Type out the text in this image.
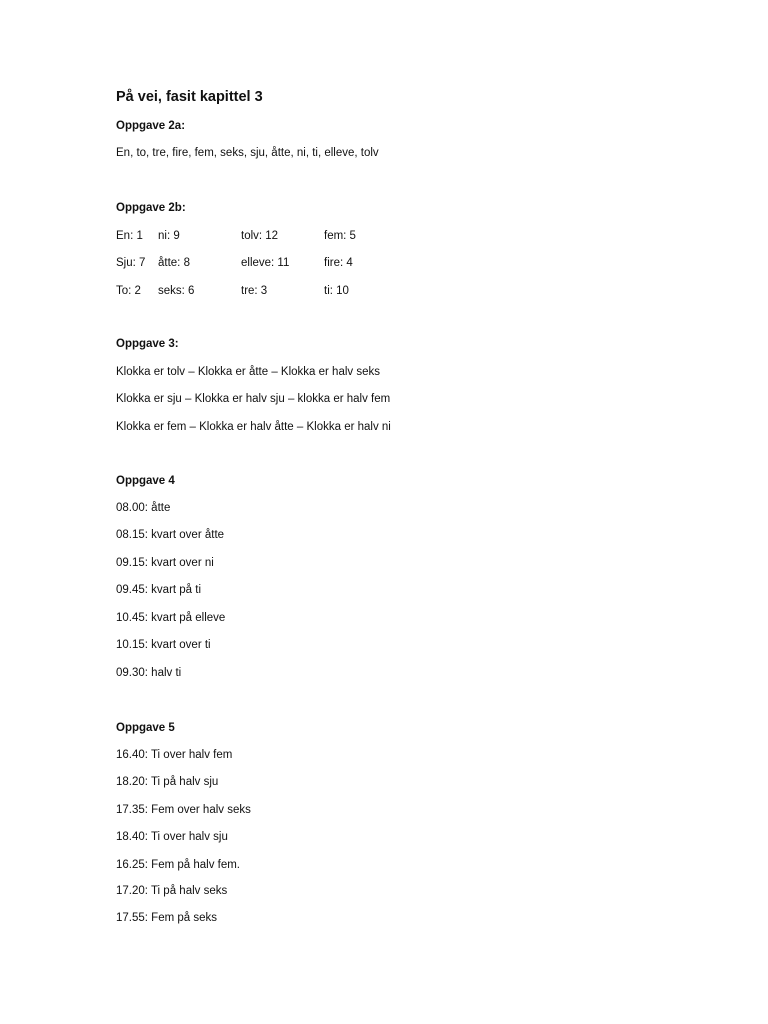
På vei, fasit kapittel 3
Oppgave 2a:
En, to, tre, fire, fem, seks, sju, åtte, ni, ti, elleve, tolv
Oppgave 2b:
En: 1 ni: 9	tolv: 12	fem: 5
Sju: 7 åtte: 8	elleve: 11	fire: 4
To: 2 seks: 6	tre: 3	ti: 10
Oppgave 3:
Klokka er tolv – Klokka er åtte – Klokka er halv seks
Klokka er sju – Klokka er halv sju – klokka er halv fem
Klokka er fem – Klokka er halv åtte – Klokka er halv ni
Oppgave 4
08.00: åtte
08.15: kvart over åtte
09.15: kvart over ni
09.45: kvart på ti
10.45: kvart på elleve
10.15: kvart over ti
09.30: halv ti
Oppgave 5
16.40: Ti over halv fem
18.20: Ti på halv sju
17.35: Fem over halv seks
18.40: Ti over halv sju
16.25: Fem på halv fem.
17.20: Ti på halv seks
17.55: Fem på seks
